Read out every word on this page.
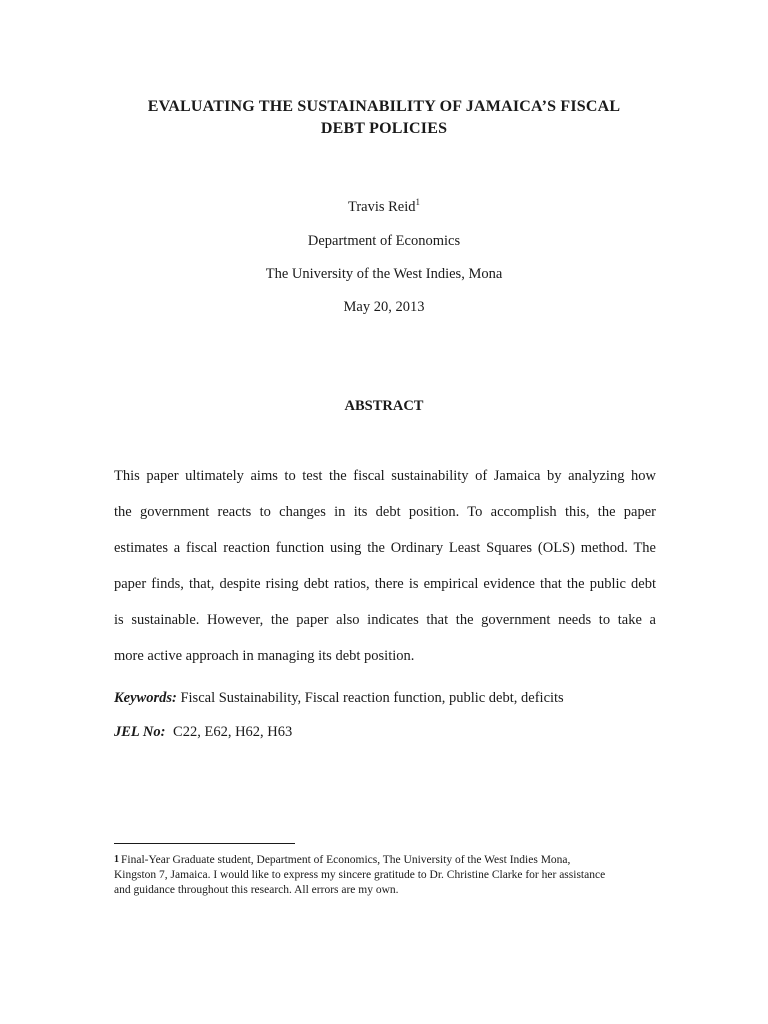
EVALUATING THE SUSTAINABILITY OF JAMAICA’S FISCAL
DEBT POLICIES
Travis Reid$^1$
Department of Economics
The University of the West Indies, Mona
May 20, 2013
ABSTRACT
This paper ultimately aims to test the fiscal sustainability of Jamaica by analyzing how
the government reacts to changes in its debt position. To accomplish this, the paper
estimates a fiscal reaction function using the Ordinary Least Squares (OLS) method. The
paper finds, that, despite rising debt ratios, there is empirical evidence that the public debt
is sustainable. However, the paper also indicates that the government needs to take a
more active approach in managing its debt position.
Keywords: Fiscal Sustainability, Fiscal reaction function, public debt, deficits
JEL No: C22, E62, H62, H63
1 Final-Year Graduate student, Department of Economics, The University of the West Indies Mona,
Kingston 7, Jamaica. I would like to express my sincere gratitude to Dr. Christine Clarke for her assistance
and guidance throughout this research. All errors are my own.
